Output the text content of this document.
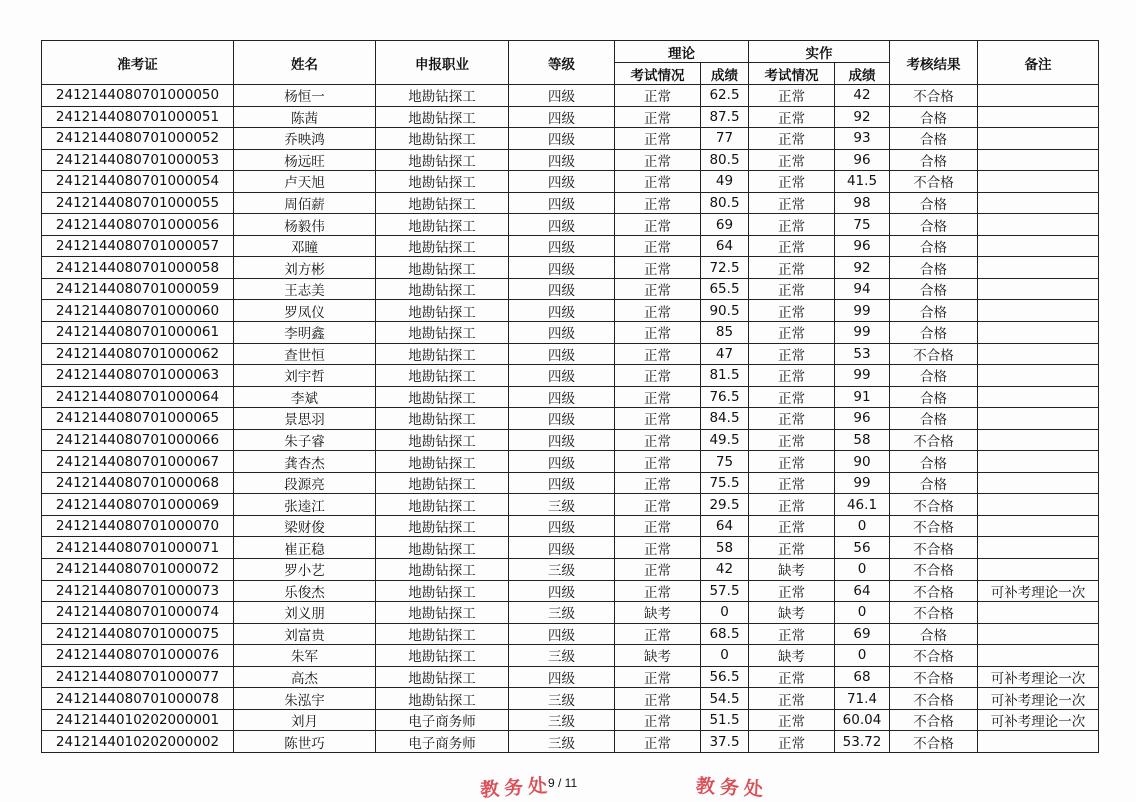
准考证	姓名	申报职业	等级	理论		实作		考核结果	备注
				考试情况	成绩	考试情况	成绩		
2412144080701000050	杨恒一	地勘钻探工	四级	正常	62.5	正常	42	不合格	
2412144080701000051	陈茜	地勘钻探工	四级	正常	87.5	正常	92	合格	
2412144080701000052	乔映鸿	地勘钻探工	四级	正常	77	正常	93	合格	
2412144080701000053	杨远旺	地勘钻探工	四级	正常	80.5	正常	96	合格	
2412144080701000054	卢天旭	地勘钻探工	四级	正常	49	正常	41.5	不合格	
2412144080701000055	周佰薪	地勘钻探工	四级	正常	80.5	正常	98	合格	
2412144080701000056	杨毅伟	地勘钻探工	四级	正常	69	正常	75	合格	
2412144080701000057	邓瞳	地勘钻探工	四级	正常	64	正常	96	合格	
2412144080701000058	刘方彬	地勘钻探工	四级	正常	72.5	正常	92	合格	
2412144080701000059	王志美	地勘钻探工	四级	正常	65.5	正常	94	合格	
2412144080701000060	罗凤仪	地勘钻探工	四级	正常	90.5	正常	99	合格	
2412144080701000061	李明鑫	地勘钻探工	四级	正常	85	正常	99	合格	
2412144080701000062	查世恒	地勘钻探工	四级	正常	47	正常	53	不合格	
2412144080701000063	刘宇哲	地勘钻探工	四级	正常	81.5	正常	99	合格	
2412144080701000064	李斌	地勘钻探工	四级	正常	76.5	正常	91	合格	
2412144080701000065	景思羽	地勘钻探工	四级	正常	84.5	正常	96	合格	
2412144080701000066	朱子睿	地勘钻探工	四级	正常	49.5	正常	58	不合格	
2412144080701000067	龚杏杰	地勘钻探工	四级	正常	75	正常	90	合格	
2412144080701000068	段源亮	地勘钻探工	四级	正常	75.5	正常	99	合格	
2412144080701000069	张逵江	地勘钻探工	三级	正常	29.5	正常	46.1	不合格	
2412144080701000070	梁财俊	地勘钻探工	四级	正常	64	正常	0	不合格	
2412144080701000071	崔正稳	地勘钻探工	四级	正常	58	正常	56	不合格	
2412144080701000072	罗小艺	地勘钻探工	三级	正常	42	缺考	0	不合格	
2412144080701000073	乐俊杰	地勘钻探工	四级	正常	57.5	正常	64	不合格	可补考理论一次
2412144080701000074	刘义朋	地勘钻探工	三级	缺考	0	缺考	0	不合格	
2412144080701000075	刘富贵	地勘钻探工	四级	正常	68.5	正常	69	合格	
2412144080701000076	朱军	地勘钻探工	三级	缺考	0	缺考	0	不合格	
2412144080701000077	高杰	地勘钻探工	四级	正常	56.5	正常	68	不合格	可补考理论一次
2412144080701000078	朱泓宇	地勘钻探工	三级	正常	54.5	正常	71.4	不合格	可补考理论一次
2412144010202000001	刘月	电子商务师	三级	正常	51.5	正常	60.04	不合格	可补考理论一次
2412144010202000002	陈世巧	电子商务师	三级	正常	37.5	正常	53.72	不合格	
9 / 11
教务处	教务处
